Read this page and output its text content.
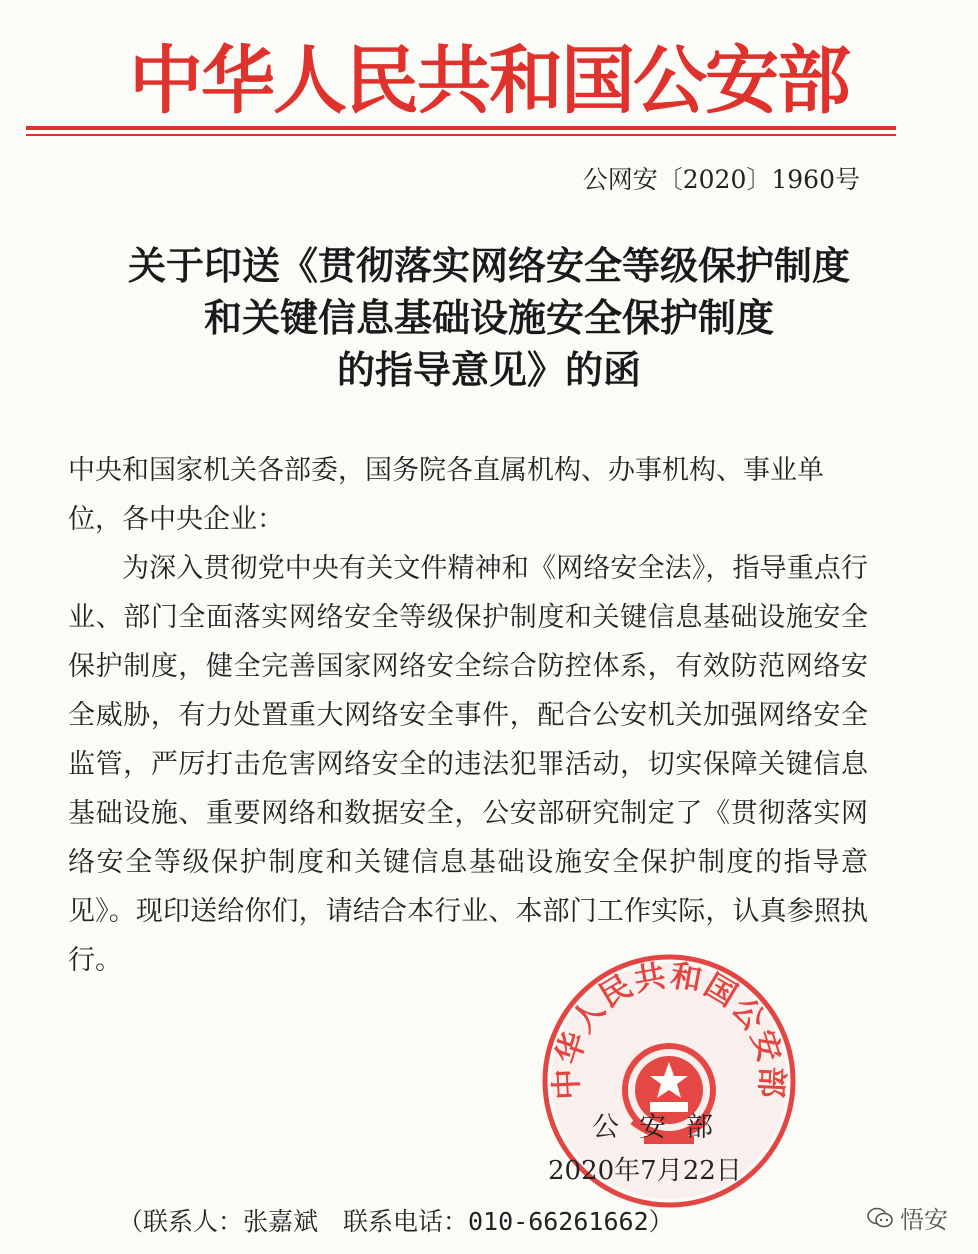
中华人民共和国公安部
公网安〔2020〕1960号
关于印送《贯彻落实网络安全等级保护制度
和关键信息基础设施安全保护制度
的指导意见》的函

中央和国家机关各部委，国务院各直属机构、办事机构、事业单位，各中央企业：

为深入贯彻党中央有关文件精神和《网络安全法》，指导重点行业、部门全面落实网络安全等级保护制度和关键信息基础设施安全保护制度，健全完善国家网络安全综合防控体系，有效防范网络安全威胁，有力处置重大网络安全事件，配合公安机关加强网络安全监管，严厉打击危害网络安全的违法犯罪活动，切实保障关键信息基础设施、重要网络和数据安全，公安部研究制定了《贯彻落实网络安全等级保护制度和关键信息基础设施安全保护制度的指导意见》。现印送给你们，请结合本行业、本部门工作实际，认真参照执行。

中华人民共和国公安部
公安部
2020年7月22日
（联系人：张嘉斌　联系电话：010-66261662）	悟安
